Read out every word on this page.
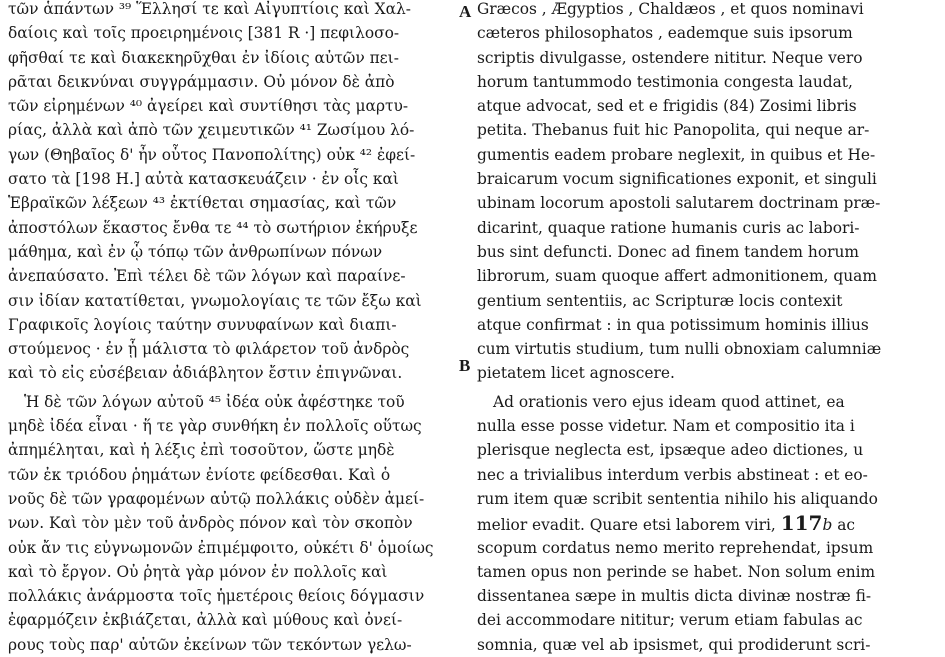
A
B
τῶν ἁπάντων ³⁹ Ἕλλησί τε καὶ Αἰγυπτίοις καὶ Χαλ-
δαίοις καὶ τοῖς προειρημένοις [381 R ·] πεφιλοσο-
φῆσθαί τε καὶ διακεκηρῦχθαι ἐν ἰδίοις αὐτῶν πει-
ρᾶται δεικνύναι συγγράμμασιν. Οὐ μόνον δὲ ἀπὸ
τῶν εἰρημένων ⁴⁰ ἀγείρει καὶ συντίθησι τὰς μαρτυ-
ρίας, ἀλλὰ καὶ ἀπὸ τῶν χειμευτικῶν ⁴¹ Ζωσίμου λό-
γων (Θηβαῖος δ' ἦν οὗτος Πανοπολίτης) οὐκ ⁴² ἐφεί-
σατο τὰ [198 H.] αὐτὰ κατασκευάζειν · ἐν οἷς καὶ
Ἑβραϊκῶν λέξεων ⁴³ ἐκτίθεται σημασίας, καὶ τῶν
ἀποστόλων ἕκαστος ἔνθα τε ⁴⁴ τὸ σωτήριον ἐκήρυξε
μάθημα, καὶ ἐν ᾧ τόπῳ τῶν ἀνθρωπίνων πόνων
ἀνεπαύσατο. Ἐπὶ τέλει δὲ τῶν λόγων καὶ παραίνε-
σιν ἰδίαν κατατίθεται, γνωμολογίαις τε τῶν ἔξω καὶ
Γραφικοῖς λογίοις ταύτην συνυφαίνων καὶ διαπι-
στούμενος · ἐν ᾗ μάλιστα τὸ φιλάρετον τοῦ ἀνδρὸς
καὶ τὸ εἰς εὐσέβειαν ἀδιάβλητον ἔστιν ἐπιγνῶναι.
Ἡ δὲ τῶν λόγων αὐτοῦ ⁴⁵ ἰδέα οὐκ ἀφέστηκε τοῦ
μηδὲ ἰδέα εἶναι · ἥ τε γὰρ συνθήκη ἐν πολλοῖς οὕτως
ἀπημέληται, καὶ ἡ λέξις ἐπὶ τοσοῦτον, ὥστε μηδὲ
τῶν ἐκ τριόδου ῥημάτων ἐνίοτε φείδεσθαι. Καὶ ὁ
νοῦς δὲ τῶν γραφομένων αὐτῷ πολλάκις οὐδὲν ἀμεί-
νων. Καὶ τὸν μὲν τοῦ ἀνδρὸς πόνον καὶ τὸν σκοπὸν
οὐκ ἄν τις εὐγνωμονῶν ἐπιμέμφοιτο, οὐκέτι δ' ὁμοίως
καὶ τὸ ἔργον. Οὐ ῥητὰ γὰρ μόνον ἐν πολλοῖς καὶ
πολλάκις ἀνάρμοστα τοῖς ἡμετέροις θείοις δόγμασιν
ἐφαρμόζειν ἐκβιάζεται, ἀλλὰ καὶ μύθους καὶ ὀνεί-
ρους τοὺς παρ' αὐτῶν ἐκείνων τῶν τεκόντων γελω-
Græcos , Ægyptios , Chaldæos , et quos nominavi
cæteros philosophatos , eademque suis ipsorum
scriptis divulgasse, ostendere nititur. Neque vero
horum tantummodo testimonia congesta laudat,
atque advocat, sed et e frigidis (84) Zosimi libris
petita. Thebanus fuit hic Panopolita, qui neque ar-
gumentis eadem probare neglexit, in quibus et He-
braicarum vocum significationes exponit, et singuli
ubinam locorum apostoli salutarem doctrinam præ-
dicarint, quaque ratione humanis curis ac labori-
bus sint defuncti. Donec ad finem tandem horum
librorum, suam quoque affert admonitionem, quam
gentium sententiis, ac Scripturæ locis contexit
atque confirmat : in qua potissimum hominis illius
cum virtutis studium, tum nulli obnoxiam calumniæ
pietatem licet agnoscere.
Ad orationis vero ejus ideam quod attinet, ea
nulla esse posse videtur. Nam et compositio ita i
plerisque neglecta est, ipsæque adeo dictiones, u
nec a trivialibus interdum verbis abstineat : et eo-
rum item quæ scribit sententia nihilo his aliquando
melior evadit. Quare etsi laborem viri, 117b ac
scopum cordatus nemo merito reprehendat, ipsum
tamen opus non perinde se habet. Non solum enim
dissentanea sæpe in multis dicta divinæ nostræ fi-
dei accommodare nititur; verum etiam fabulas ac
somnia, quæ vel ab ipsismet, qui prodiderunt scri-
